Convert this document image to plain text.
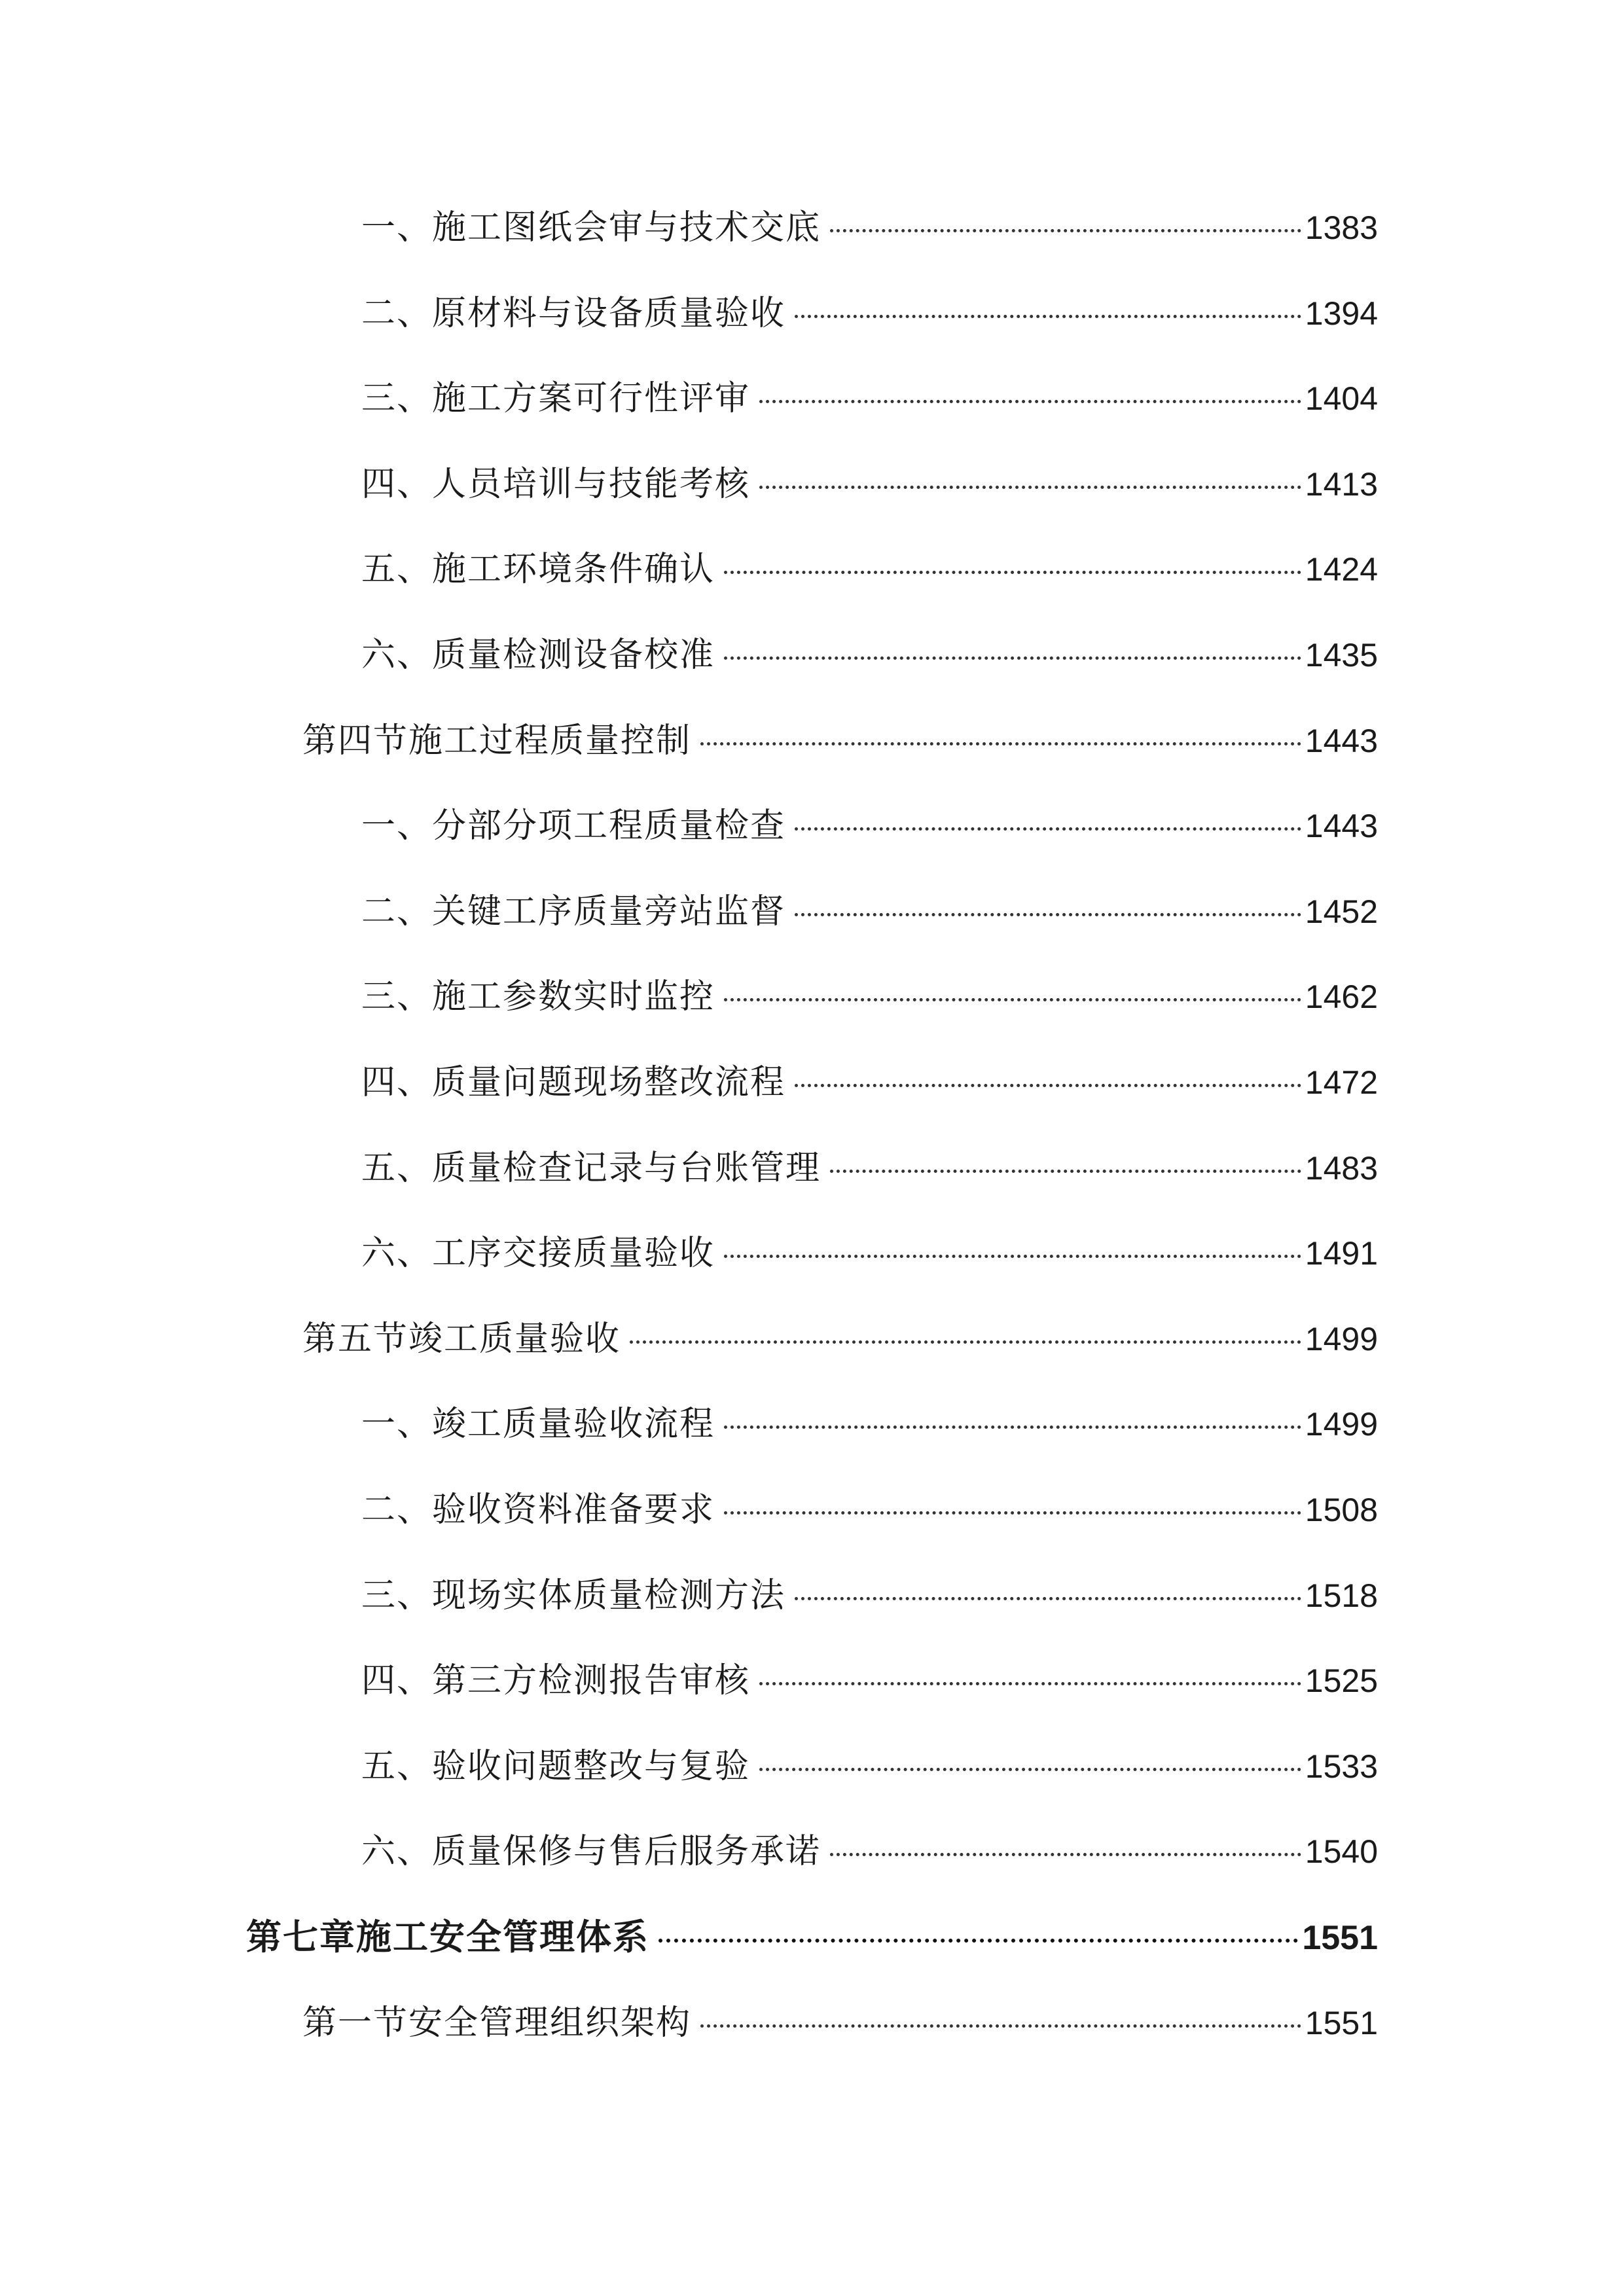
一、施工图纸会审与技术交底	1383
二、原材料与设备质量验收	1394
三、施工方案可行性评审	1404
四、人员培训与技能考核	1413
五、施工环境条件确认	1424
六、质量检测设备校准	1435
第四节施工过程质量控制	1443
一、分部分项工程质量检查	1443
二、关键工序质量旁站监督	1452
三、施工参数实时监控	1462
四、质量问题现场整改流程	1472
五、质量检查记录与台账管理	1483
六、工序交接质量验收	1491
第五节竣工质量验收	1499
一、竣工质量验收流程	1499
二、验收资料准备要求	1508
三、现场实体质量检测方法	1518
四、第三方检测报告审核	1525
五、验收问题整改与复验	1533
六、质量保修与售后服务承诺	1540
第七章施工安全管理体系	1551
第一节安全管理组织架构	1551
